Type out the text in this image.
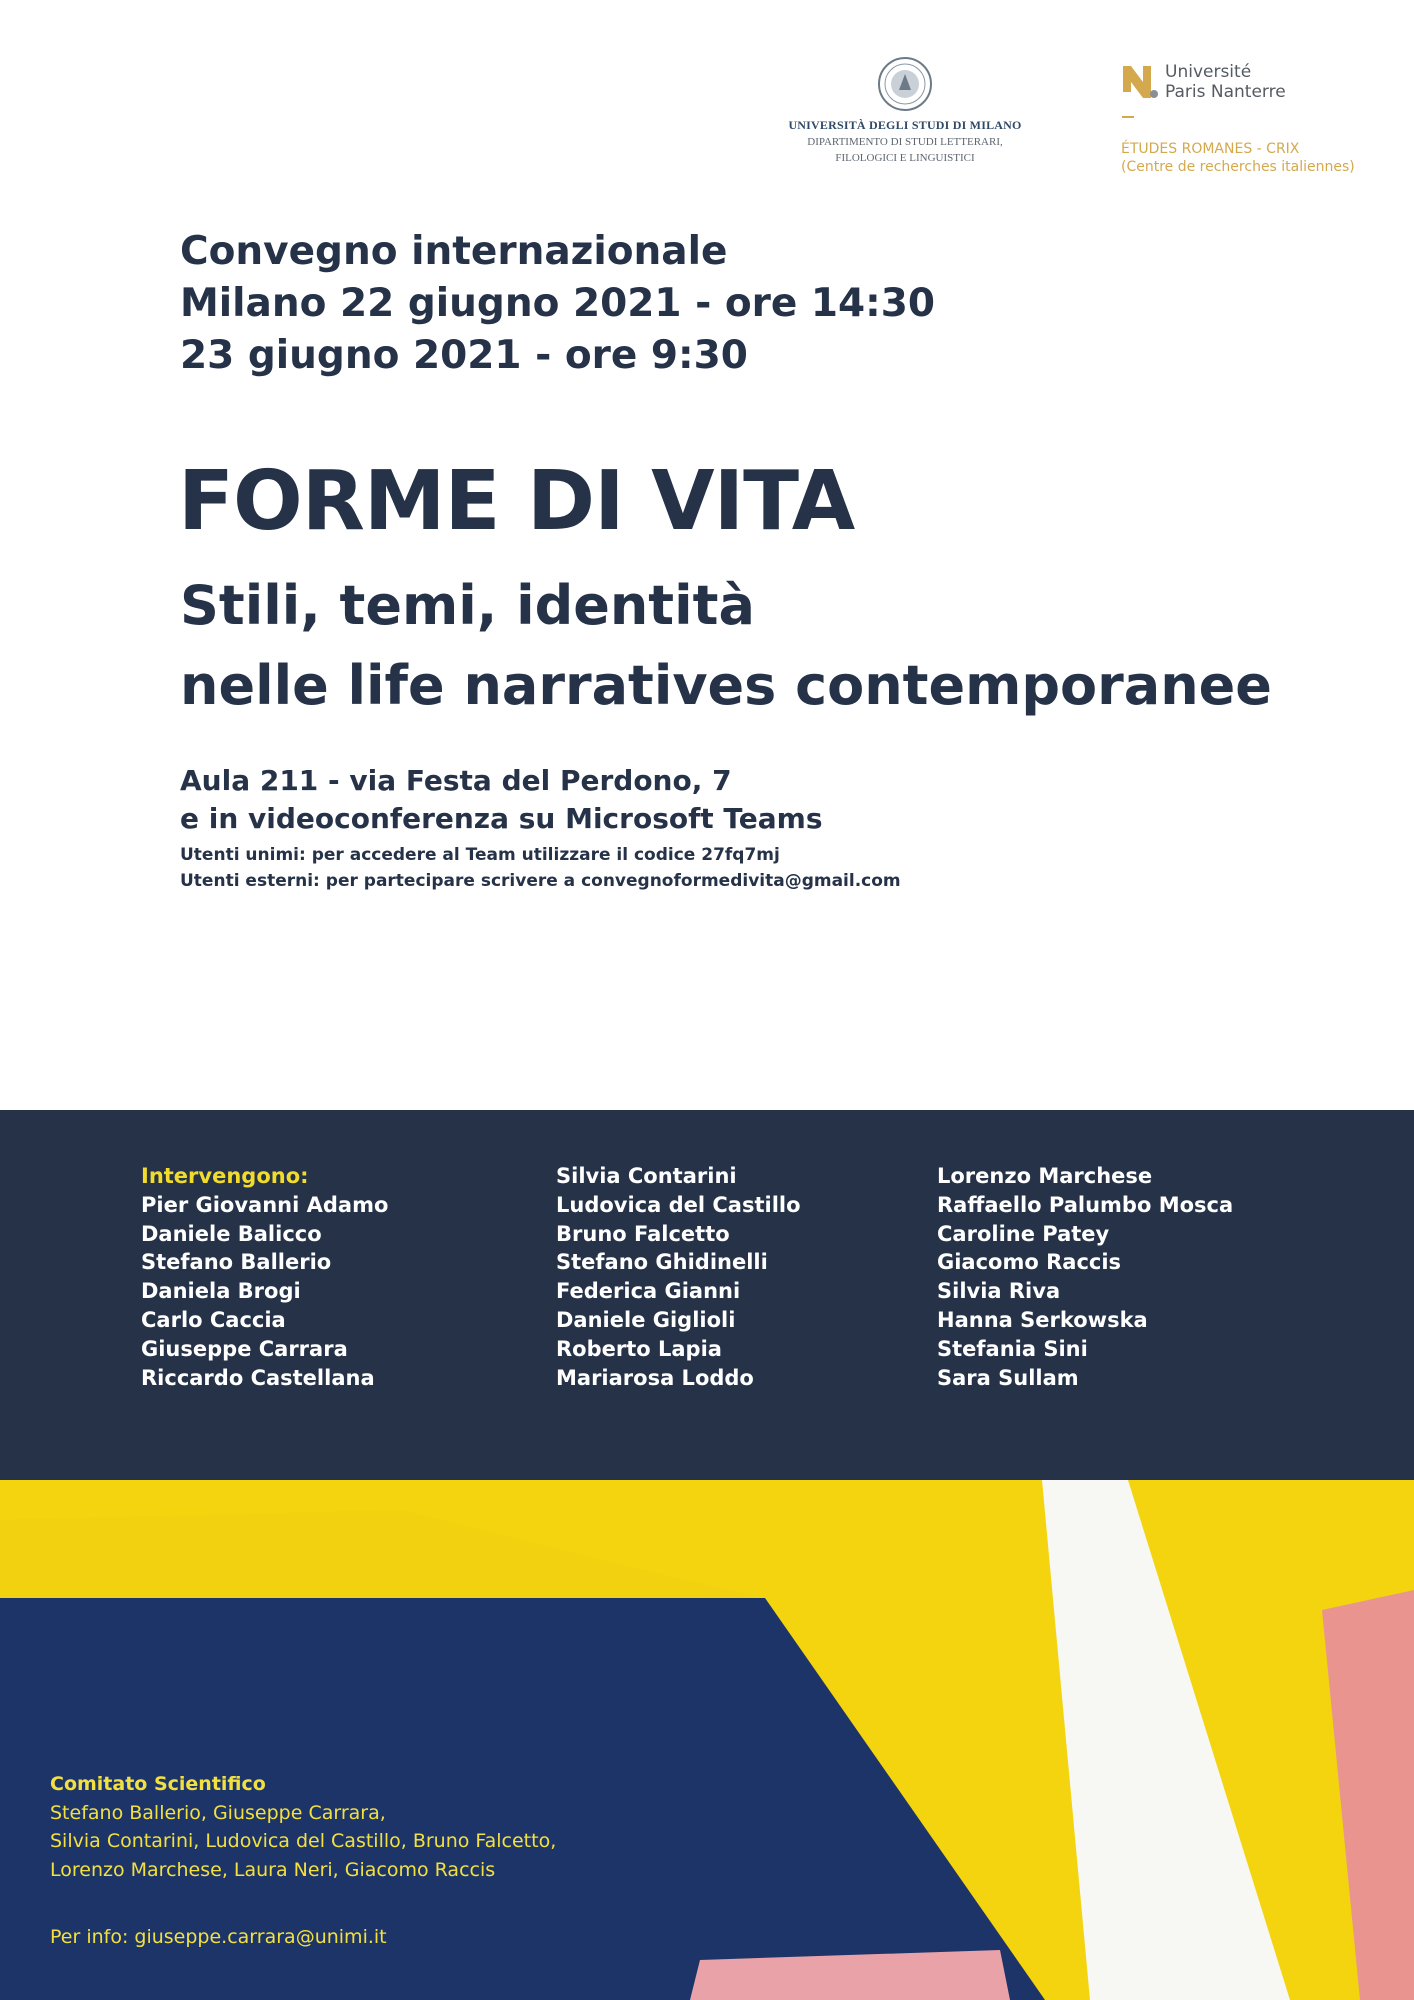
UNIVERSITÀ DEGLI STUDI DI MILANO
DIPARTIMENTO DI STUDI LETTERARI,
FILOLOGICI E LINGUISTICI
Université
Paris Nanterre
ÉTUDES ROMANES - CRIX
(Centre de recherches italiennes)
Convegno internazionale
Milano 22 giugno 2021 - ore 14:30
23 giugno 2021 - ore 9:30
FORME DI VITA
Stili, temi, identità
nelle life narratives contemporanee
Aula 211 - via Festa del Perdono, 7
e in videoconferenza su Microsoft Teams
Utenti unimi: per accedere al Team utilizzare il codice 27fq7mj
Utenti esterni: per partecipare scrivere a convegnoformedivita@gmail.com
Intervengono:
Pier Giovanni Adamo
Daniele Balicco
Stefano Ballerio
Daniela Brogi
Carlo Caccia
Giuseppe Carrara
Riccardo Castellana
Silvia Contarini
Ludovica del Castillo
Bruno Falcetto
Stefano Ghidinelli
Federica Gianni
Daniele Giglioli
Roberto Lapia
Mariarosa Loddo
Lorenzo Marchese
Raffaello Palumbo Mosca
Caroline Patey
Giacomo Raccis
Silvia Riva
Hanna Serkowska
Stefania Sini
Sara Sullam
Comitato Scientifico
Stefano Ballerio, Giuseppe Carrara,
Silvia Contarini, Ludovica del Castillo, Bruno Falcetto,
Lorenzo Marchese, Laura Neri, Giacomo Raccis
Per info: giuseppe.carrara@unimi.it
